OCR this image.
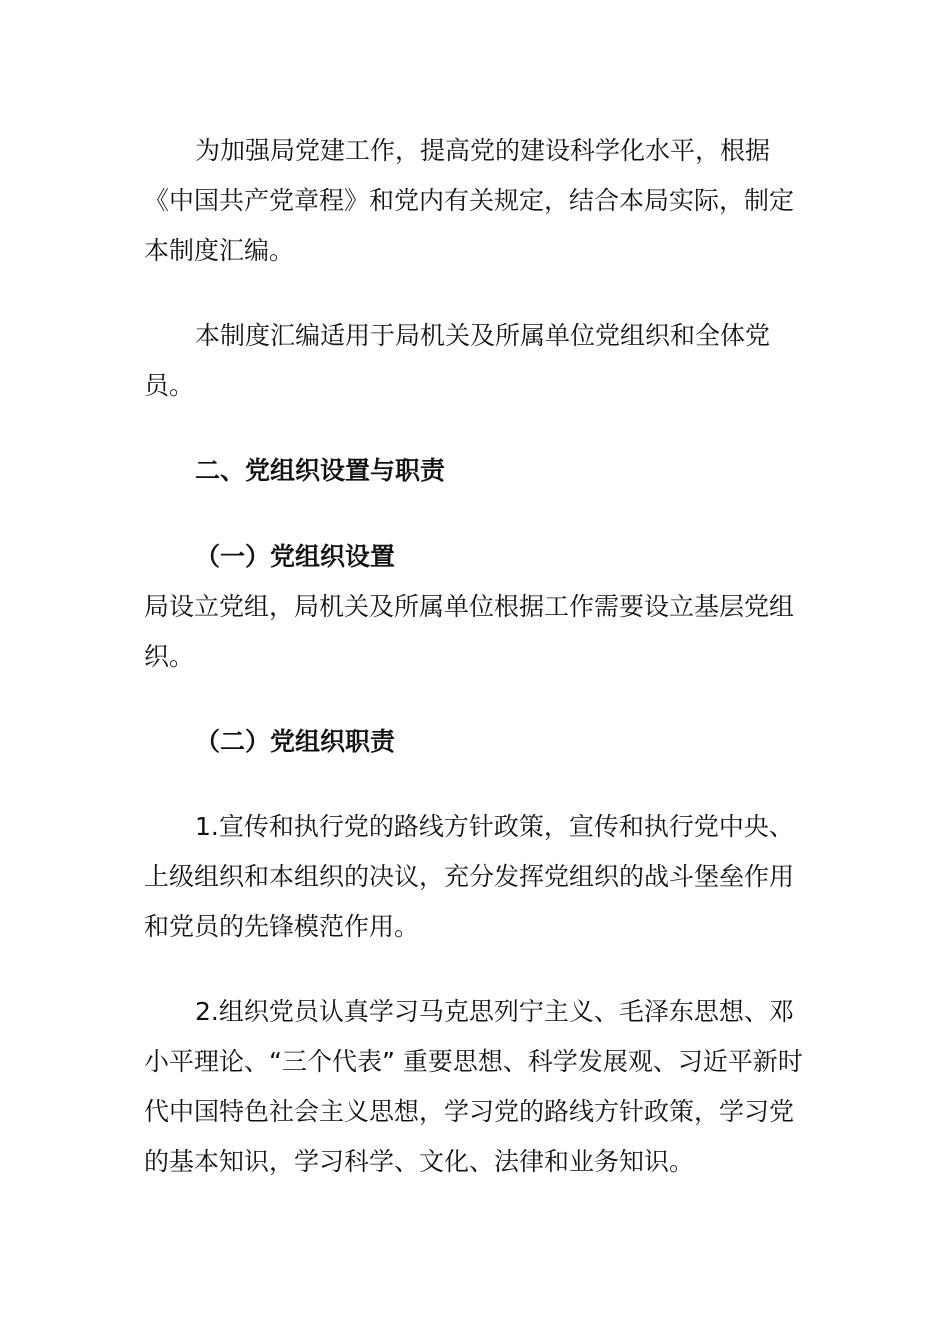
为加强局党建工作，提高党的建设科学化水平，根据《中国共产党章程》和党内有关规定，结合本局实际，制定本制度汇编。

本制度汇编适用于局机关及所属单位党组织和全体党员。

二、党组织设置与职责
（一）党组织设置

局设立党组，局机关及所属单位根据工作需要设立基层党组织。

（二）党组织职责

1.宣传和执行党的路线方针政策，宣传和执行党中央、上级组织和本组织的决议，充分发挥党组织的战斗堡垒作用和党员的先锋模范作用。

2.组织党员认真学习马克思列宁主义、毛泽东思想、邓小平理论、“三个代表” 重要思想、科学发展观、习近平新时代中国特色社会主义思想，学习党的路线方针政策，学习党的基本知识，学习科学、文化、法律和业务知识。
